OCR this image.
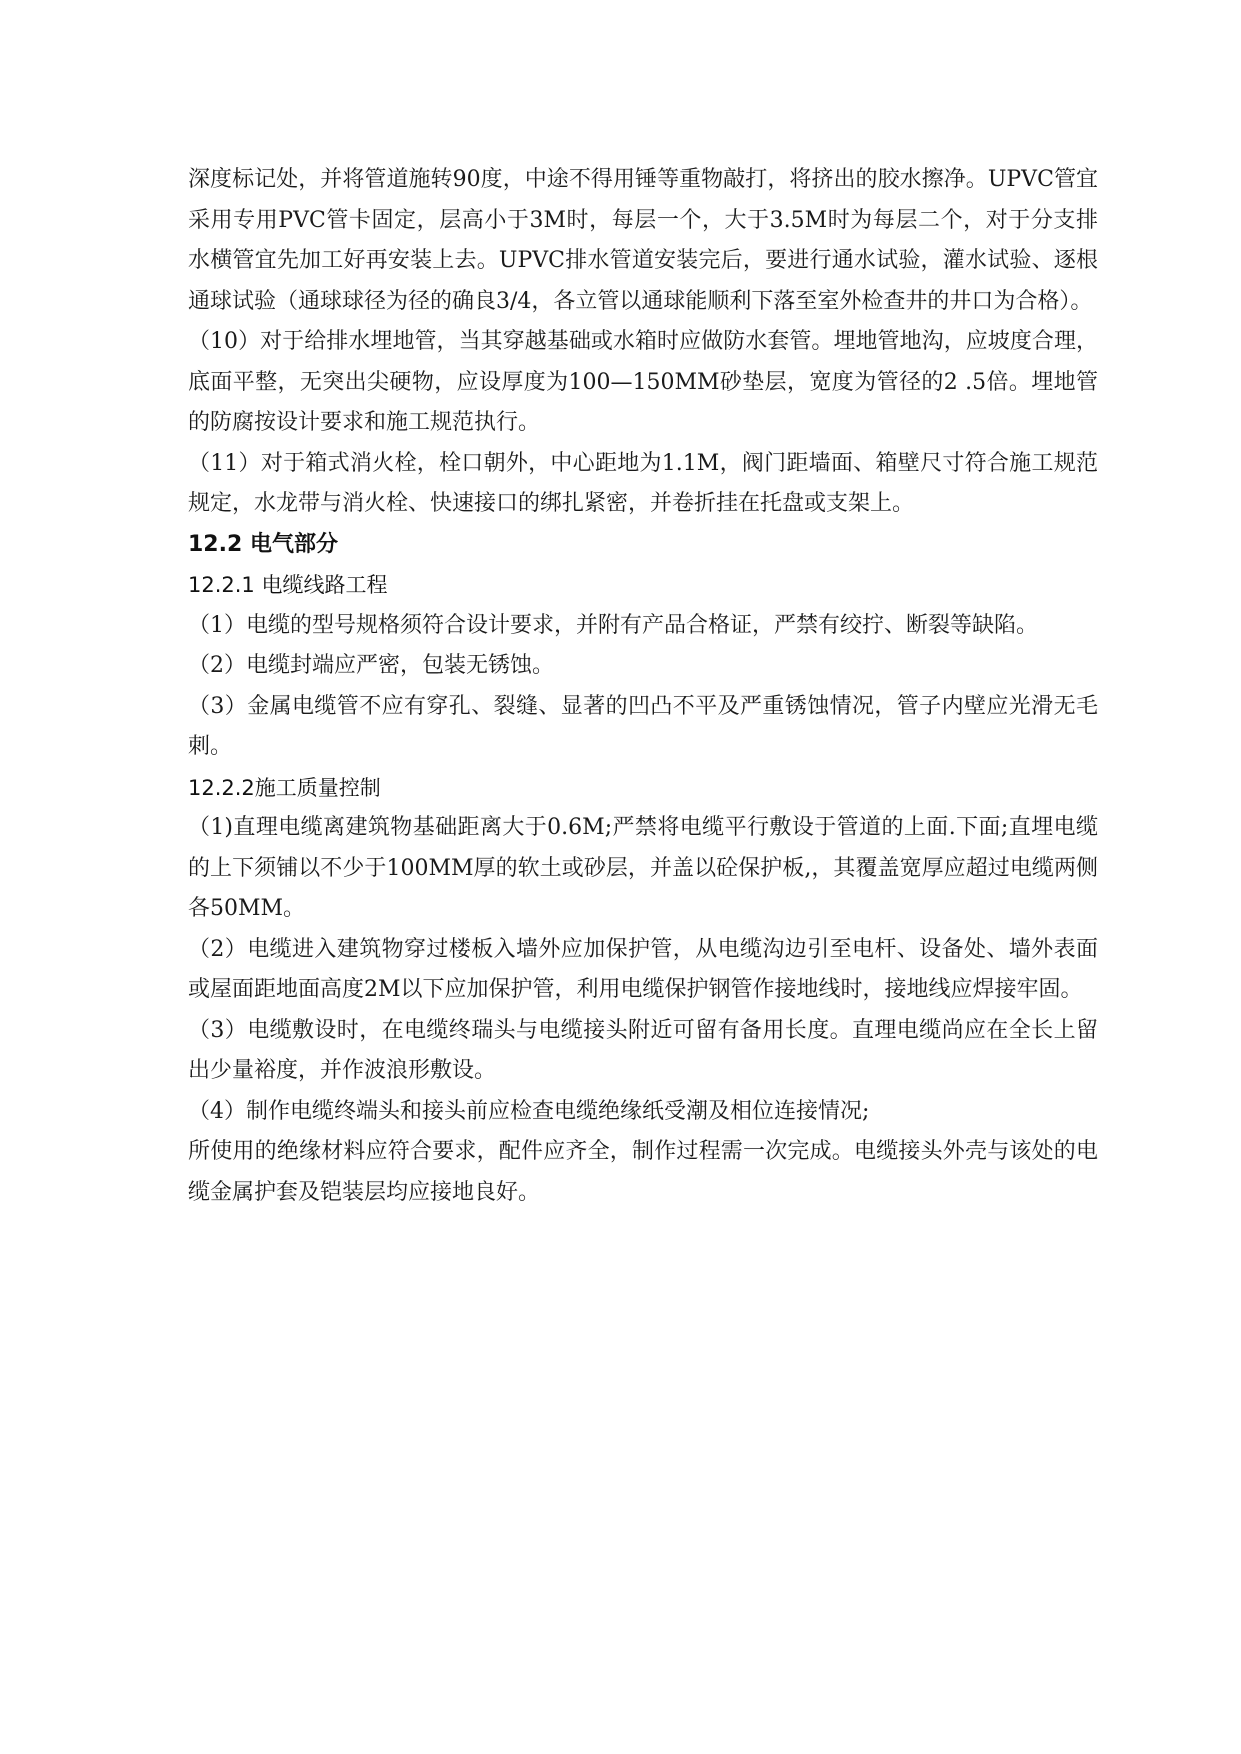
深度标记处，并将管道施转90度，中途不得用锤等重物敲打，将挤出的胶水擦净。UPVC管宜采用专用PVC管卡固定，层高小于3M时，每层一个，大于3.5M时为每层二个，对于分支排水横管宜先加工好再安装上去。UPVC排水管道安装完后，要进行通水试验，灌水试验、逐根通球试验（通球球径为径的确良3/4，各立管以通球能顺利下落至室外检查井的井口为合格）。

（10）对于给排水埋地管，当其穿越基础或水箱时应做防水套管。埋地管地沟，应坡度合理，底面平整，无突出尖硬物，应设厚度为100—150MM砂垫层，宽度为管径的2 .5倍。埋地管的防腐按设计要求和施工规范执行。

（11）对于箱式消火栓，栓口朝外，中心距地为1.1M，阀门距墙面、箱壁尺寸符合施工规范规定，水龙带与消火栓、快速接口的绑扎紧密，并卷折挂在托盘或支架上。

12.2 电气部分
12.2.1 电缆线路工程

（1）电缆的型号规格须符合设计要求，并附有产品合格证，严禁有绞拧、断裂等缺陷。

（2）电缆封端应严密，包装无锈蚀。

（3）金属电缆管不应有穿孔、裂缝、显著的凹凸不平及严重锈蚀情况，管子内壁应光滑无毛刺。

12.2.2施工质量控制

（1)直理电缆离建筑物基础距离大于0.6M;严禁将电缆平行敷设于管道的上面.下面;直埋电缆的上下须铺以不少于100MM厚的软土或砂层，并盖以砼保护板,，其覆盖宽厚应超过电缆两侧各50MM。

（2）电缆进入建筑物穿过楼板入墙外应加保护管，从电缆沟边引至电杆、设备处、墙外表面或屋面距地面高度2M以下应加保护管，利用电缆保护钢管作接地线时，接地线应焊接牢固。

（3）电缆敷设时，在电缆终瑞头与电缆接头附近可留有备用长度。直理电缆尚应在全长上留出少量裕度，并作波浪形敷设。

（4）制作电缆终端头和接头前应检查电缆绝缘纸受潮及相位连接情况;

所使用的绝缘材料应符合要求，配件应齐全，制作过程需一次完成。电缆接头外壳与该处的电缆金属护套及铠装层均应接地良好。
